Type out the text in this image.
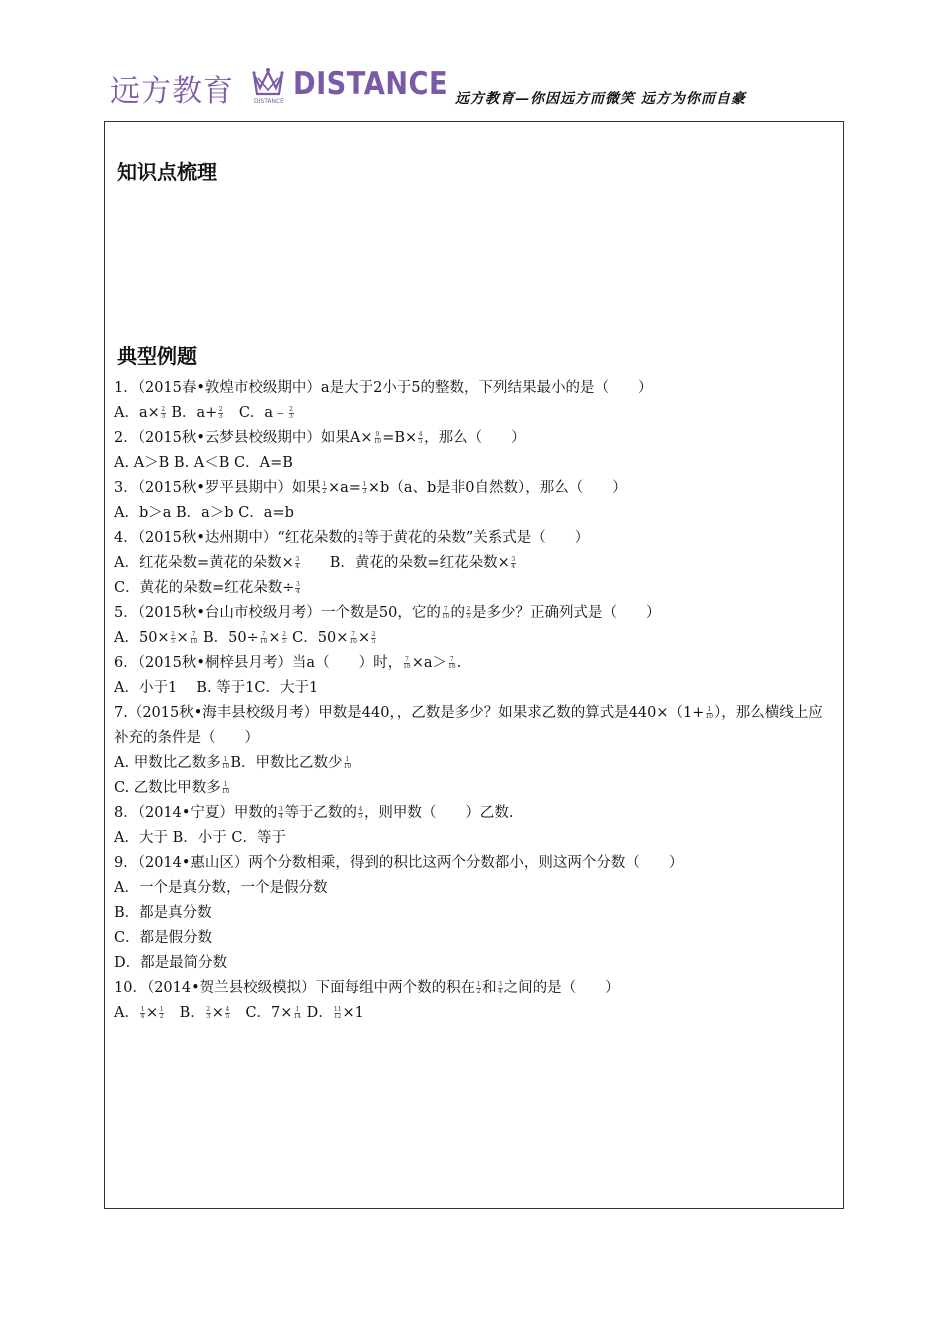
远方教育	DISTANCE DISTANCE 远方教育—你因远方而微笑 远方为你而自豪
知识点梳理
典型例题
1．（2015春•敦煌市校级期中）a是大于2小于5的整数，下列结果最小的是（　　）
A．$a\times \frac{2}{3}$ B．$a+ \frac{2}{3}$ 　C．a﹣ $\frac{2}{3}$
2．（2015秋•云梦县校级期中）如果$A\times \frac{9}{10} =B\times \frac{4}{5}$ ，那么（　　）
A. A＞B B. A＜B C．A=B
3．（2015秋•罗平县期中）如果 $\frac{1}{2} \times a= \frac{1}{3} \times b(a$、b是非0自然数），那么（　　）
A．b＞a B．a＞b C．a=b
4．（2015秋•达州期中）“红花朵数的 $\frac{3}{4}$ 等于黄花的朵数”关系式是（　　）
A．红花朵数=黄花的朵数× $\frac{3}{4}$ 　　B．黄花的朵数=红花朵数× $\frac{3}{4}$
C．黄花的朵数=红花朵数÷ $\frac{3}{4}$
5．（2015秋•台山市校级月考）一个数是50，它的 $\frac{7}{10}$ 的 $\frac{2}{5}$ 是多少？正确列式是（　　）
A．$50\times \frac{2}{5} \times \frac{7}{10}$ B．$50\div \frac{7}{10} \times \frac{2}{5}$ C．$50\times \frac{7}{10} \times \frac{2}{5}$
6．（2015秋•桐梓县月考）当a（　　）时， $\frac{7}{18} \times a> \frac{7}{18}$ .
A．小于1　 B. 等于1C．大于1
7.（2015秋•海丰县校级月考）甲数是440，，乙数是多少？如果求乙数的算式是$440\times(1+ \frac{1}{10}$ ），那么横线上应补充的条件是（　　）
A. 甲数比乙数多 $\frac{1}{10}$ B．甲数比乙数少 $\frac{1}{10}$
C. 乙数比甲数多 $\frac{1}{10}$
8．（2014•宁夏）甲数的 $\frac{3}{4}$ 等于乙数的 $\frac{4}{5}$ ，则甲数（　　）乙数.
A．大于 B．小于 C．等于
9．（2014•惠山区）两个分数相乘，得到的积比这两个分数都小，则这两个分数（　　）
A．一个是真分数，一个是假分数
B．都是真分数
C．都是假分数
D．都是最简分数
10．（2014•贺兰县校级模拟）下面每组中两个数的积在 $\frac{1}{2}$ 和 $\frac{3}{4}$ 之间的是（　　）
A． $\frac{1}{4} \times \frac{1}{2}$ 　B． $\frac{2}{3} \times \frac{4}{5}$ 　C．$7\times \frac{1}{14}$ D． $\frac{11}{12} \times 1$
